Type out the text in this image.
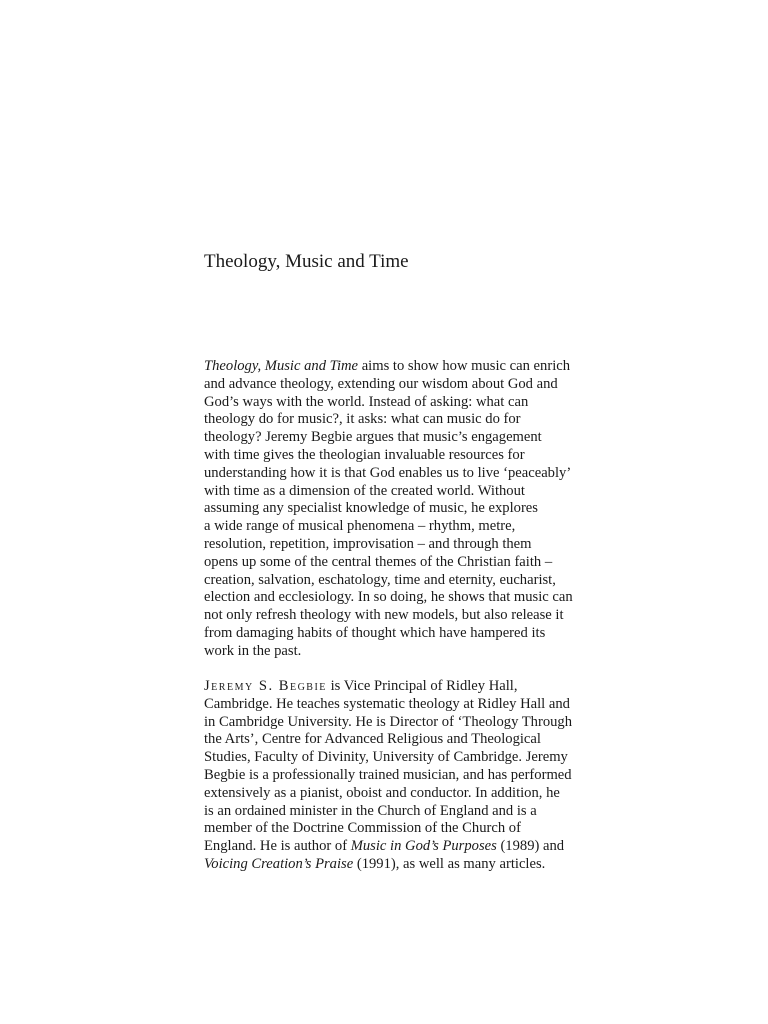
Theology, Music and Time
Theology, Music and Time aims to show how music can enrich
and advance theology, extending our wisdom about God and
God’s ways with the world. Instead of asking: what can
theology do for music?, it asks: what can music do for
theology? Jeremy Begbie argues that music’s engagement
with time gives the theologian invaluable resources for
understanding how it is that God enables us to live ‘peaceably’
with time as a dimension of the created world. Without
assuming any specialist knowledge of music, he explores
a wide range of musical phenomena – rhythm, metre,
resolution, repetition, improvisation – and through them
opens up some of the central themes of the Christian faith –
creation, salvation, eschatology, time and eternity, eucharist,
election and ecclesiology. In so doing, he shows that music can
not only refresh theology with new models, but also release it
from damaging habits of thought which have hampered its
work in the past.
Jeremy S. Begbie is Vice Principal of Ridley Hall,
Cambridge. He teaches systematic theology at Ridley Hall and
in Cambridge University. He is Director of ‘Theology Through
the Arts’, Centre for Advanced Religious and Theological
Studies, Faculty of Divinity, University of Cambridge. Jeremy
Begbie is a professionally trained musician, and has performed
extensively as a pianist, oboist and conductor. In addition, he
is an ordained minister in the Church of England and is a
member of the Doctrine Commission of the Church of
England. He is author of Music in God’s Purposes (1989) and
Voicing Creation’s Praise (1991), as well as many articles.
